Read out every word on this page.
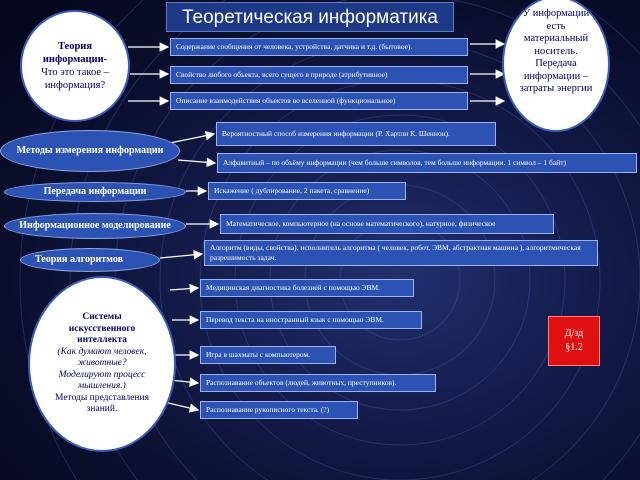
Теоретическая информатика
Теория информации-
Что это такое – информация?
У информации есть материальный носитель. Передача информации – затраты энергии
Содержание сообщения от человека, устройства, датчика и т.д. (бытовое).
Свойство любого объекта, всего сущего в природе (атрибутивное)
Описание взаимодействия объектов во вселенной (функциональное)
Методы измерения информации
Вероятностный способ измерения информации (Р. Хартли К. Шеннон).
Алфавитный – по объёму информации (чем больше символов, тем больше информации. 1 символ – 1 байт)
Передача информации	Искажение ( дублирование, 2 пакета, сравнение)
Информационное моделирование	Математическое, компьютерное (на основе математического), натурное, физическое
Теория алгоритмов
Алгоритм (виды, свойства), исполнитель алгоритма ( человек, робот, ЭВМ, абстрактная машина ), алгоритмическая разрешимость задач.
Системы искусственного интеллекта
(Как думают человек, животные? Моделируют процесс мышления.)
Методы представления знаний.
Медицинская диагностика болезней с помощью ЭВМ.
Перевод текста на иностранный язык с помощью ЭВМ.
Игра в шахматы с компьютером.
Распознавание объектов (людей, животных, преступников).
Распознавание рукописного текста. (?)
Д/зд
§1.2
